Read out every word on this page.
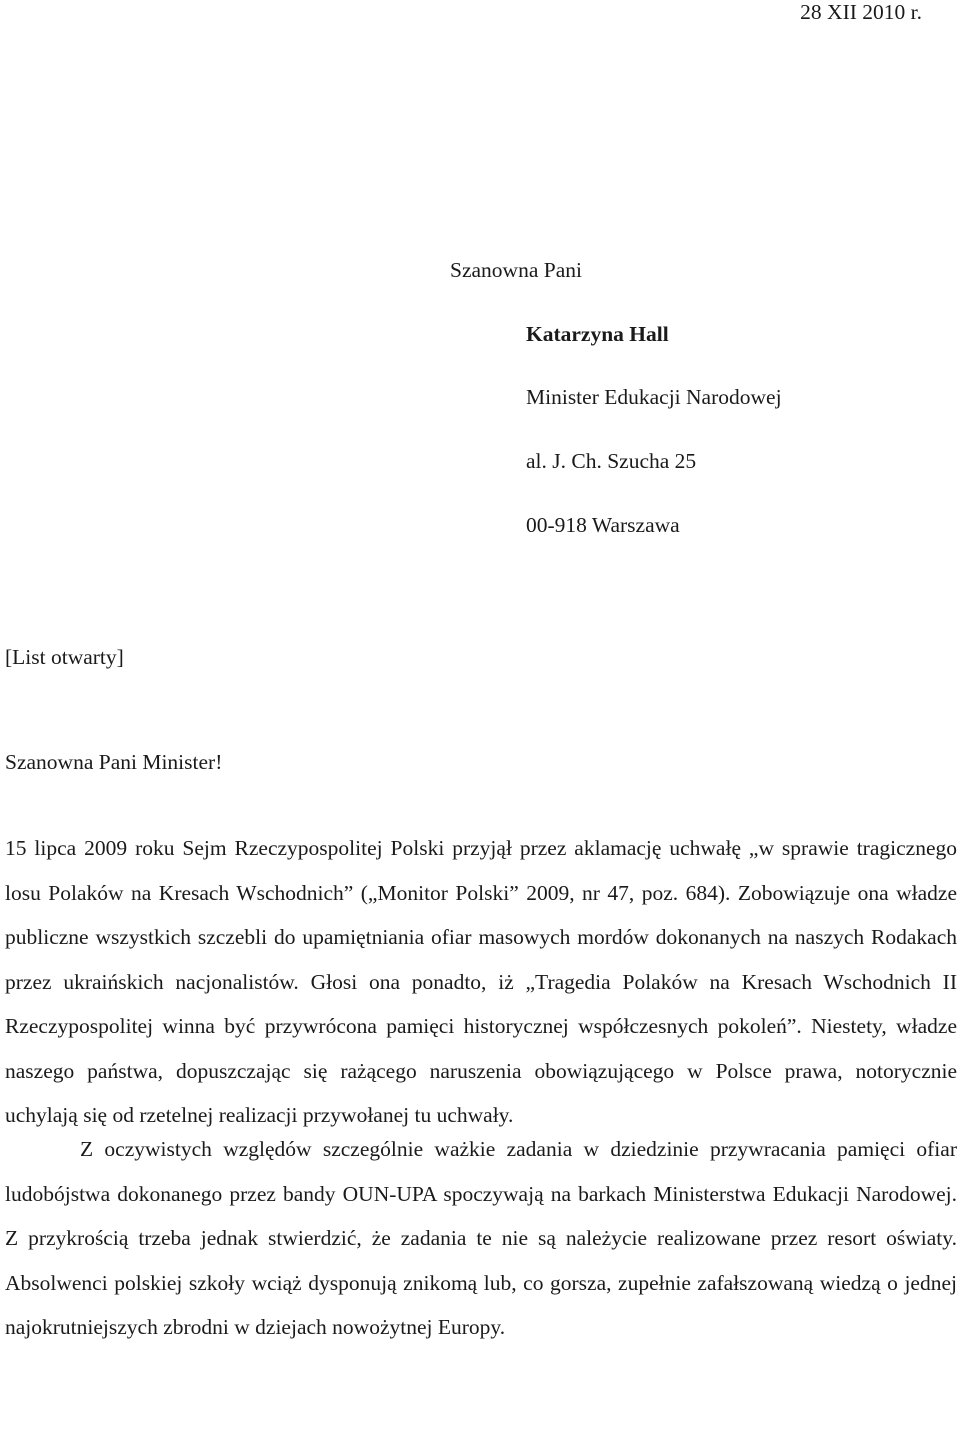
28 XII 2010 r.
Szanowna Pani
Katarzyna Hall
Minister Edukacji Narodowej
al. J. Ch. Szucha 25
00-918 Warszawa
[List otwarty]
Szanowna Pani Minister!

15 lipca 2009 roku Sejm Rzeczypospolitej Polski przyjął przez aklamację uchwałę „w sprawie tragicznego losu Polaków na Kresach Wschodnich” („Monitor Polski” 2009, nr 47, poz. 684). Zobowiązuje ona władze publiczne wszystkich szczebli do upamiętniania ofiar masowych mordów dokonanych na naszych Rodakach przez ukraińskich nacjonalistów. Głosi ona ponadto, iż „Tragedia Polaków na Kresach Wschodnich II Rzeczypospolitej winna być przywrócona pamięci historycznej współczesnych pokoleń”. Niestety, władze naszego państwa, dopuszczając się rażącego naruszenia obowiązującego w Polsce prawa, notorycznie uchylają się od rzetelnej realizacji przywołanej tu uchwały.

Z oczywistych względów szczególnie ważkie zadania w dziedzinie przywracania pamięci ofiar ludobójstwa dokonanego przez bandy OUN-UPA spoczywają na barkach Ministerstwa Edukacji Narodowej. Z przykrością trzeba jednak stwierdzić, że zadania te nie są należycie realizowane przez resort oświaty. Absolwenci polskiej szkoły wciąż dysponują znikomą lub, co gorsza, zupełnie zafałszowaną wiedzą o jednej najokrutniejszych zbrodni w dziejach nowożytnej Europy.
